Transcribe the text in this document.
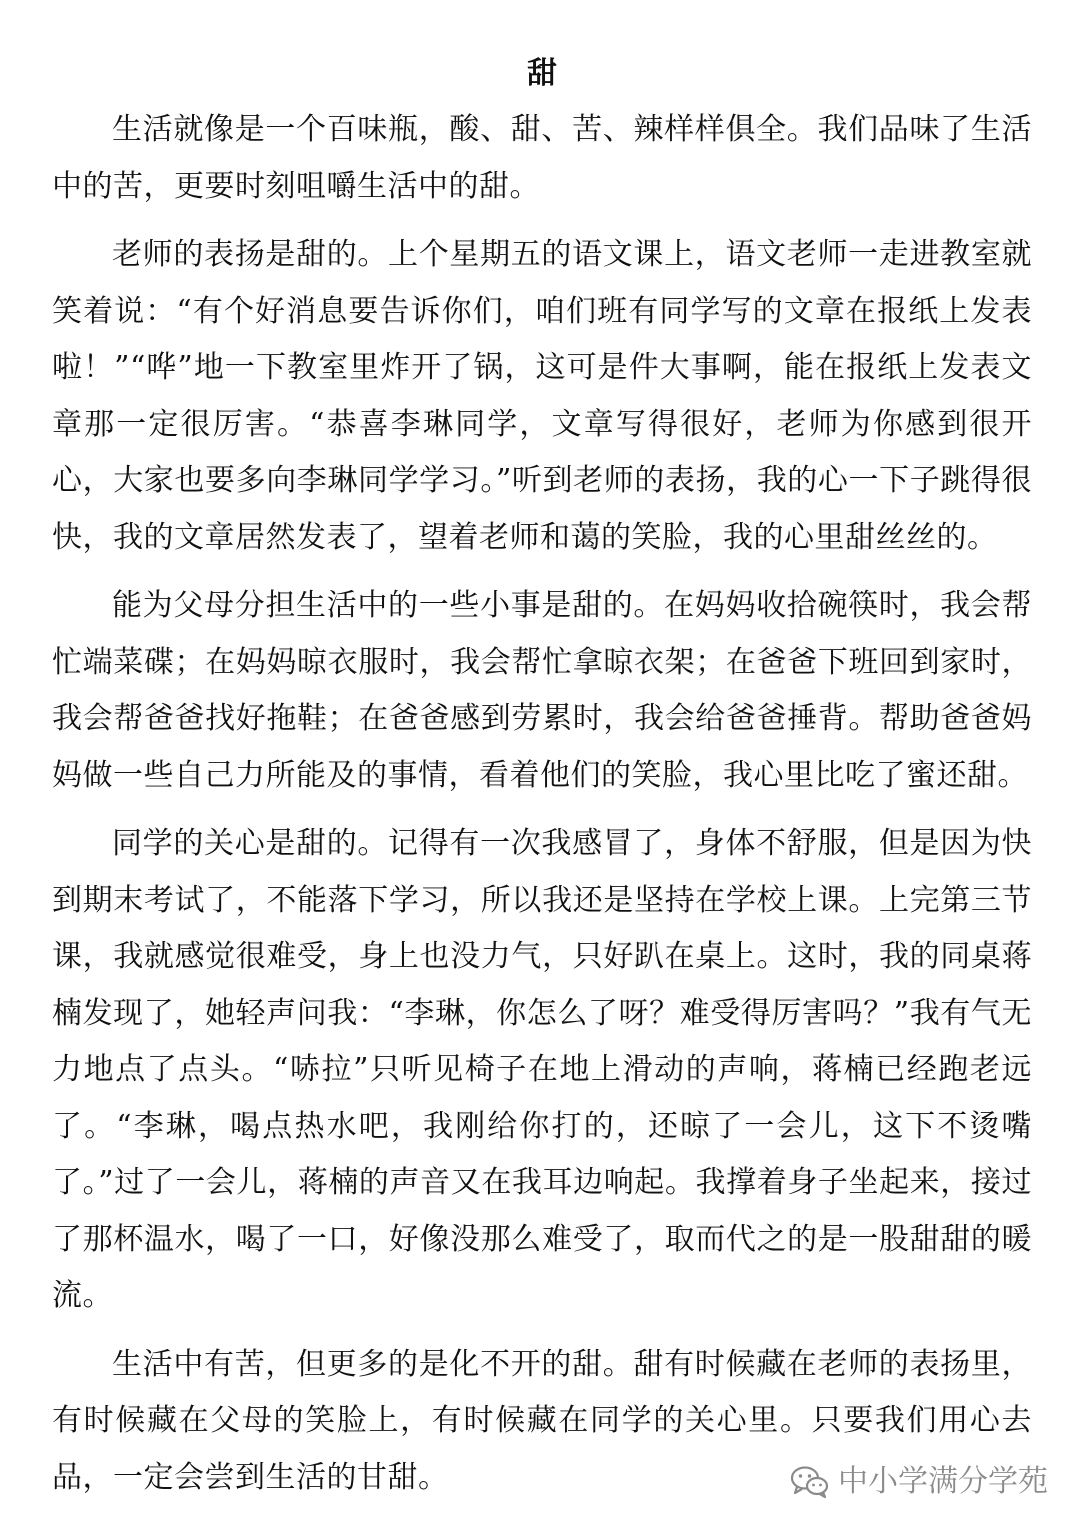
甜

生活就像是一个百味瓶，酸、甜、苦、辣样样俱全。我们品味了生活中的苦，更要时刻咀嚼生活中的甜。

老师的表扬是甜的。上个星期五的语文课上，语文老师一走进教室就笑着说：“有个好消息要告诉你们，咱们班有同学写的文章在报纸上发表啦！”“哗”地一下教室里炸开了锅，这可是件大事啊，能在报纸上发表文章那一定很厉害。“恭喜李琳同学，文章写得很好，老师为你感到很开心，大家也要多向李琳同学学习。”听到老师的表扬，我的心一下子跳得很快，我的文章居然发表了，望着老师和蔼的笑脸，我的心里甜丝丝的。

能为父母分担生活中的一些小事是甜的。在妈妈收拾碗筷时，我会帮忙端菜碟；在妈妈晾衣服时，我会帮忙拿晾衣架；在爸爸下班回到家时，我会帮爸爸找好拖鞋；在爸爸感到劳累时，我会给爸爸捶背。帮助爸爸妈妈做一些自己力所能及的事情，看着他们的笑脸，我心里比吃了蜜还甜。

同学的关心是甜的。记得有一次我感冒了，身体不舒服，但是因为快到期末考试了，不能落下学习，所以我还是坚持在学校上课。上完第三节课，我就感觉很难受，身上也没力气，只好趴在桌上。这时，我的同桌蒋楠发现了，她轻声问我：“李琳，你怎么了呀？难受得厉害吗？”我有气无力地点了点头。“哧拉”只听见椅子在地上滑动的声响，蒋楠已经跑老远了。“李琳，喝点热水吧，我刚给你打的，还晾了一会儿，这下不烫嘴了。”过了一会儿，蒋楠的声音又在我耳边响起。我撑着身子坐起来，接过了那杯温水，喝了一口，好像没那么难受了，取而代之的是一股甜甜的暖流。

生活中有苦，但更多的是化不开的甜。甜有时候藏在老师的表扬里，有时候藏在父母的笑脸上，有时候藏在同学的关心里。只要我们用心去品，一定会尝到生活的甘甜。	中小学满分学苑
